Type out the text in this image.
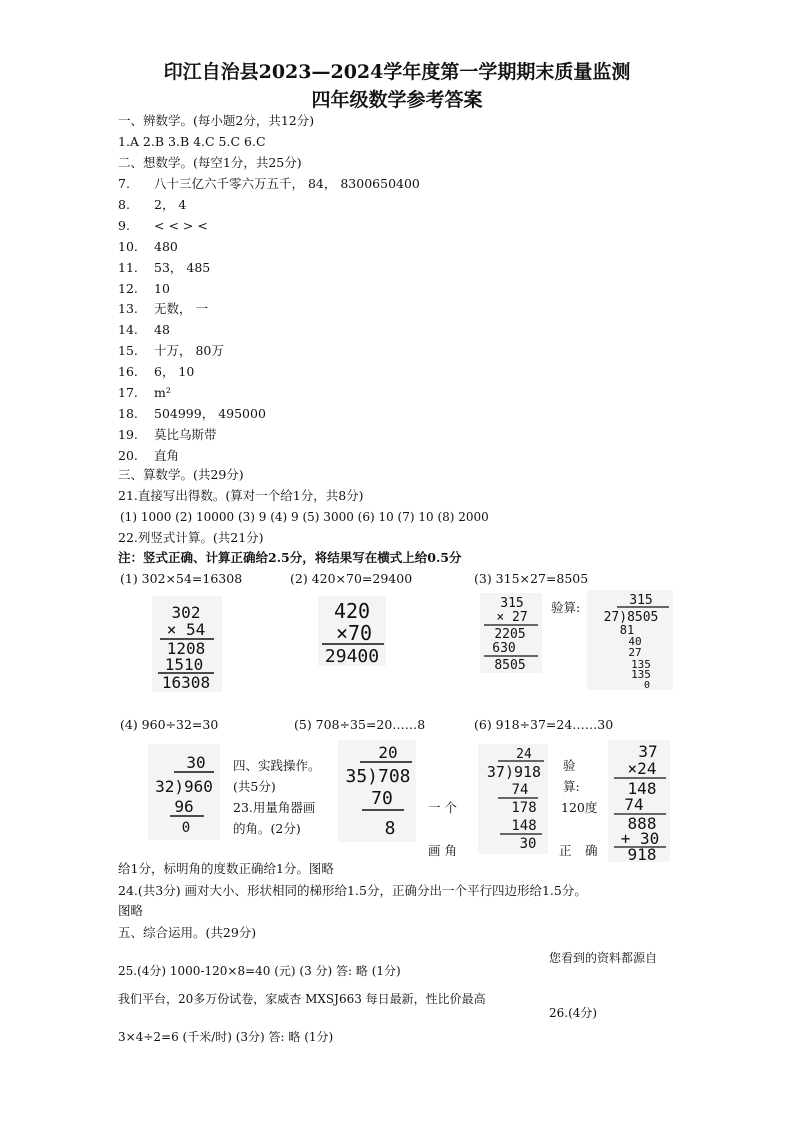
印江自治县2023—2024学年度第一学期期末质量监测
四年级数学参考答案
一、辨数学。(每小题2分，共12分)
1.A 2.B 3.B 4.C 5.C 6.C
二、想数学。(每空1分，共25分)
7. 八十三亿六千零六万五千， 84， 8300650400
8. 2， 4
9. < < > <
10. 480
11. 53， 485
12. 10
13. 无数， 一
14. 48
15. 十万， 80万
16. 6， 10
17. m²
18. 504999， 495000
19. 莫比乌斯带
20. 直角
三、算数学。(共29分)
21.直接写出得数。(算对一个给1分，共8分)
(1) 1000 (2) 10000 (3) 9 (4) 9 (5) 3000 (6) 10 (7) 10 (8) 2000
22.列竖式计算。(共21分)
注：竖式正确、计算正确给2.5分，将结果写在横式上给0.5分
(1) 302×54=16308	(2) 420×70=29400	(3) 315×27=8505
302
× 54
1208
1510
16308
420
×70
29400
315
× 27
2205
630
8505
验算:	315
27)8505
81
40
27
135
135
0
(4) 960÷32=30	(5) 708÷35=20……8	(6) 918÷37=24……30
30
32)960
96
0
四、实践操作。
(共5分)
23.用量角器画
的角。(2分)
20
35)708
70
8
一 个
画 角
24
37)918
74
178
148
30
验
算:
120度
正 确
37
×24
148
74
888
+ 30
918
给1分，标明角的度数正确给1分。图略
24.(共3分) 画对大小、形状相同的梯形给1.5分，正确分出一个平行四边形给1.5分。
图略
五、综合运用。(共29分)
25.(4分) 1000-120×8=40 (元) (3 分) 答: 略 (1分)
您看到的资料都源自
我们平台，20多万份试卷，家威杏 MXSJ663 每日最新，性比价最高
26.(4分)
3×4÷2=6 (千米/时) (3分) 答: 略 (1分)
